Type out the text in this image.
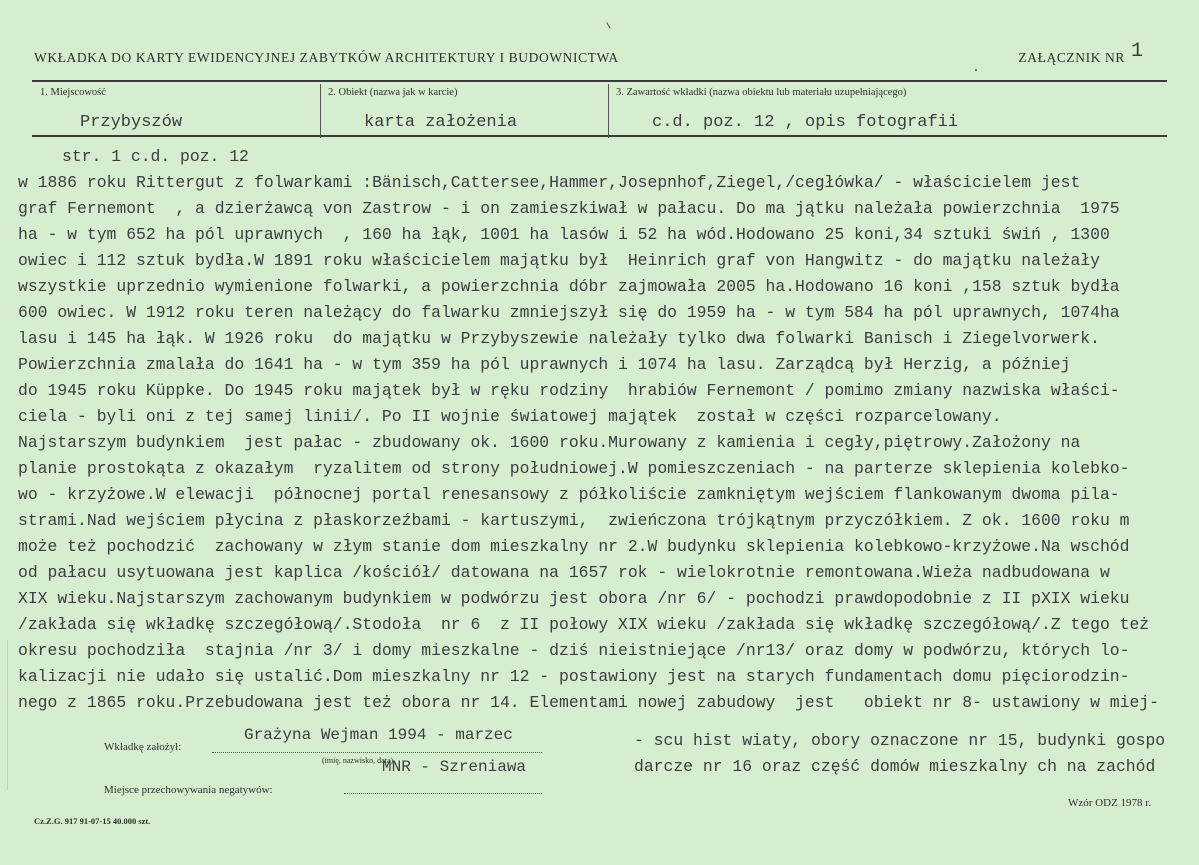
WKŁADKA DO KARTY EWIDENCYJNEJ ZABYTKÓW ARCHITEKTURY I BUDOWNICTWA	ZAŁĄCZNIK NR 1
1. Miejscowość
Przybyszów
2. Obiekt (nazwa jak w karcie)
karta założenia
3. Zawartość wkładki (nazwa obiektu lub materiału uzupełniającego)
c.d. poz. 12 , opis fotografii
str. 1 c.d. poz. 12
w 1886 roku Rittergut z folwarkami :Bänisch,Cattersee,Hammer,Josepnhof,Ziegel,/cegłówka/ - właścicielem jest
graf Fernemont  , a dzierżawcą von Zastrow - i on zamieszkiwał w pałacu. Do ma jątku należała powierzchnia  1975
ha - w tym 652 ha pól uprawnych  , 160 ha łąk, 1001 ha lasów i 52 ha wód.Hodowano 25 koni,34 sztuki świń , 1300
owiec i 112 sztuk bydła.W 1891 roku właścicielem majątku był  Heinrich graf von Hangwitz - do majątku należały
wszystkie uprzednio wymienione folwarki, a powierzchnia dóbr zajmowała 2005 ha.Hodowano 16 koni ,158 sztuk bydła
600 owiec. W 1912 roku teren należący do falwarku zmniejszył się do 1959 ha - w tym 584 ha pól uprawnych, 1074ha
lasu i 145 ha łąk. W 1926 roku  do majątku w Przybyszewie należały tylko dwa folwarki Banisch i Ziegelvorwerk.
Powierzchnia zmalała do 1641 ha - w tym 359 ha pól uprawnych i 1074 ha lasu. Zarządcą był Herzig, a później
do 1945 roku Küppke. Do 1945 roku majątek był w ręku rodziny  hrabiów Fernemont / pomimo zmiany nazwiska właści-
ciela - byli oni z tej samej linii/. Po II wojnie światowej majątek  został w części rozparcelowany.
Najstarszym budynkiem  jest pałac - zbudowany ok. 1600 roku.Murowany z kamienia i cegły,piętrowy.Założony na
planie prostokąta z okazałym  ryzalitem od strony południowej.W pomieszczeniach - na parterze sklepienia kolebko-
wo - krzyżowe.W elewacji  północnej portal renesansowy z półkoliście zamkniętym wejściem flankowanym dwoma pila-
strami.Nad wejściem płycina z płaskorzeźbami - kartuszymi,  zwieńczona trójkątnym przyczółkiem. Z ok. 1600 roku m
może też pochodzić  zachowany w złym stanie dom mieszkalny nr 2.W budynku sklepienia kolebkowo-krzyżowe.Na wschód
od pałacu usytuowana jest kaplica /kościół/ datowana na 1657 rok - wielokrotnie remontowana.Wieża nadbudowana w
XIX wieku.Najstarszym zachowanym budynkiem w podwórzu jest obora /nr 6/ - pochodzi prawdopodobnie z II pXIX wieku
/zakłada się wkładkę szczegółową/.Stodoła  nr 6  z II połowy XIX wieku /zakłada się wkładkę szczegółową/.Z tego też
okresu pochodziła  stajnia /nr 3/ i domy mieszkalne - dziś nieistniejące /nr13/ oraz domy w podwórzu, których lo-
kalizacji nie udało się ustalić.Dom mieszkalny nr 12 - postawiony jest na starych fundamentach domu pięciorodzin-
nego z 1865 roku.Przebudowana jest też obora nr 14. Elementami nowej zabudowy  jest   obiekt nr 8- ustawiony w miej-
- scu hist wiaty, obory oznaczone nr 15, budynki gospo
darcze nr 16 oraz część domów mieszkalny ch na zachód
Wkładkę założył:
Grażyna Wejman 1994 - marzec
(imię, nazwisko, data)
MNR - Szreniawa
Miejsce przechowywania negatywów:
Wzór ODZ 1978 r.
Cz.Z.G. 917 91-07-15 40.000 szt.
